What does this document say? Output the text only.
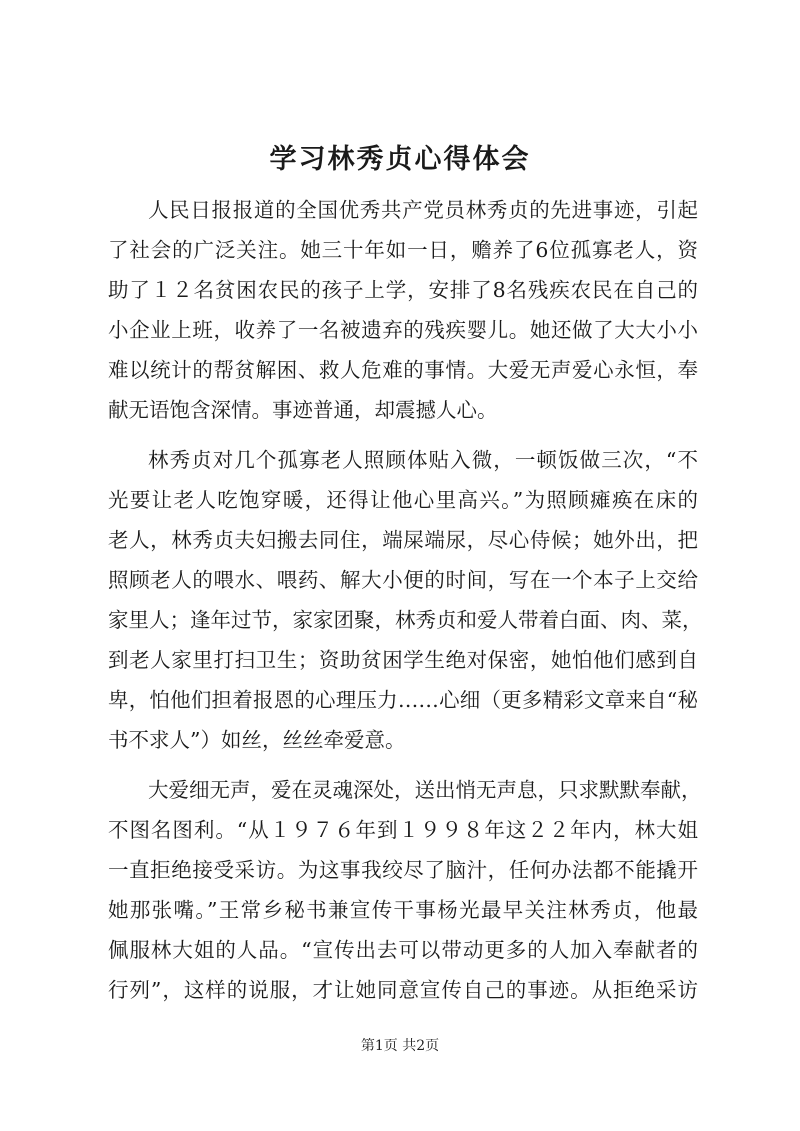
学习林秀贞心得体会
人民日报报道的全国优秀共产党员林秀贞的先进事迹，引起
了社会的广泛关注。她三十年如一日，赡养了6位孤寡老人，资
助了１２名贫困农民的孩子上学，安排了8名残疾农民在自己的
小企业上班，收养了一名被遗弃的残疾婴儿。她还做了大大小小
难以统计的帮贫解困、救人危难的事情。大爱无声爱心永恒，奉
献无语饱含深情。事迹普通，却震撼人心。
林秀贞对几个孤寡老人照顾体贴入微，一顿饭做三次，“不
光要让老人吃饱穿暖，还得让他心里高兴。”为照顾瘫痪在床的
老人，林秀贞夫妇搬去同住，端屎端尿，尽心侍候；她外出，把
照顾老人的喂水、喂药、解大小便的时间，写在一个本子上交给
家里人；逢年过节，家家团聚，林秀贞和爱人带着白面、肉、菜，
到老人家里打扫卫生；资助贫困学生绝对保密，她怕他们感到自
卑，怕他们担着报恩的心理压力……心细（更多精彩文章来自“秘
书不求人”）如丝，丝丝牵爱意。
大爱细无声，爱在灵魂深处，送出悄无声息，只求默默奉献，
不图名图利。“从１９７６年到１９９８年这２２年内，林大姐
一直拒绝接受采访。为这事我绞尽了脑汁，任何办法都不能撬开
她那张嘴。”王常乡秘书兼宣传干事杨光最早关注林秀贞，他最
佩服林大姐的人品。“宣传出去可以带动更多的人加入奉献者的
行列”，这样的说服，才让她同意宣传自己的事迹。从拒绝采访
第1页 共2页
